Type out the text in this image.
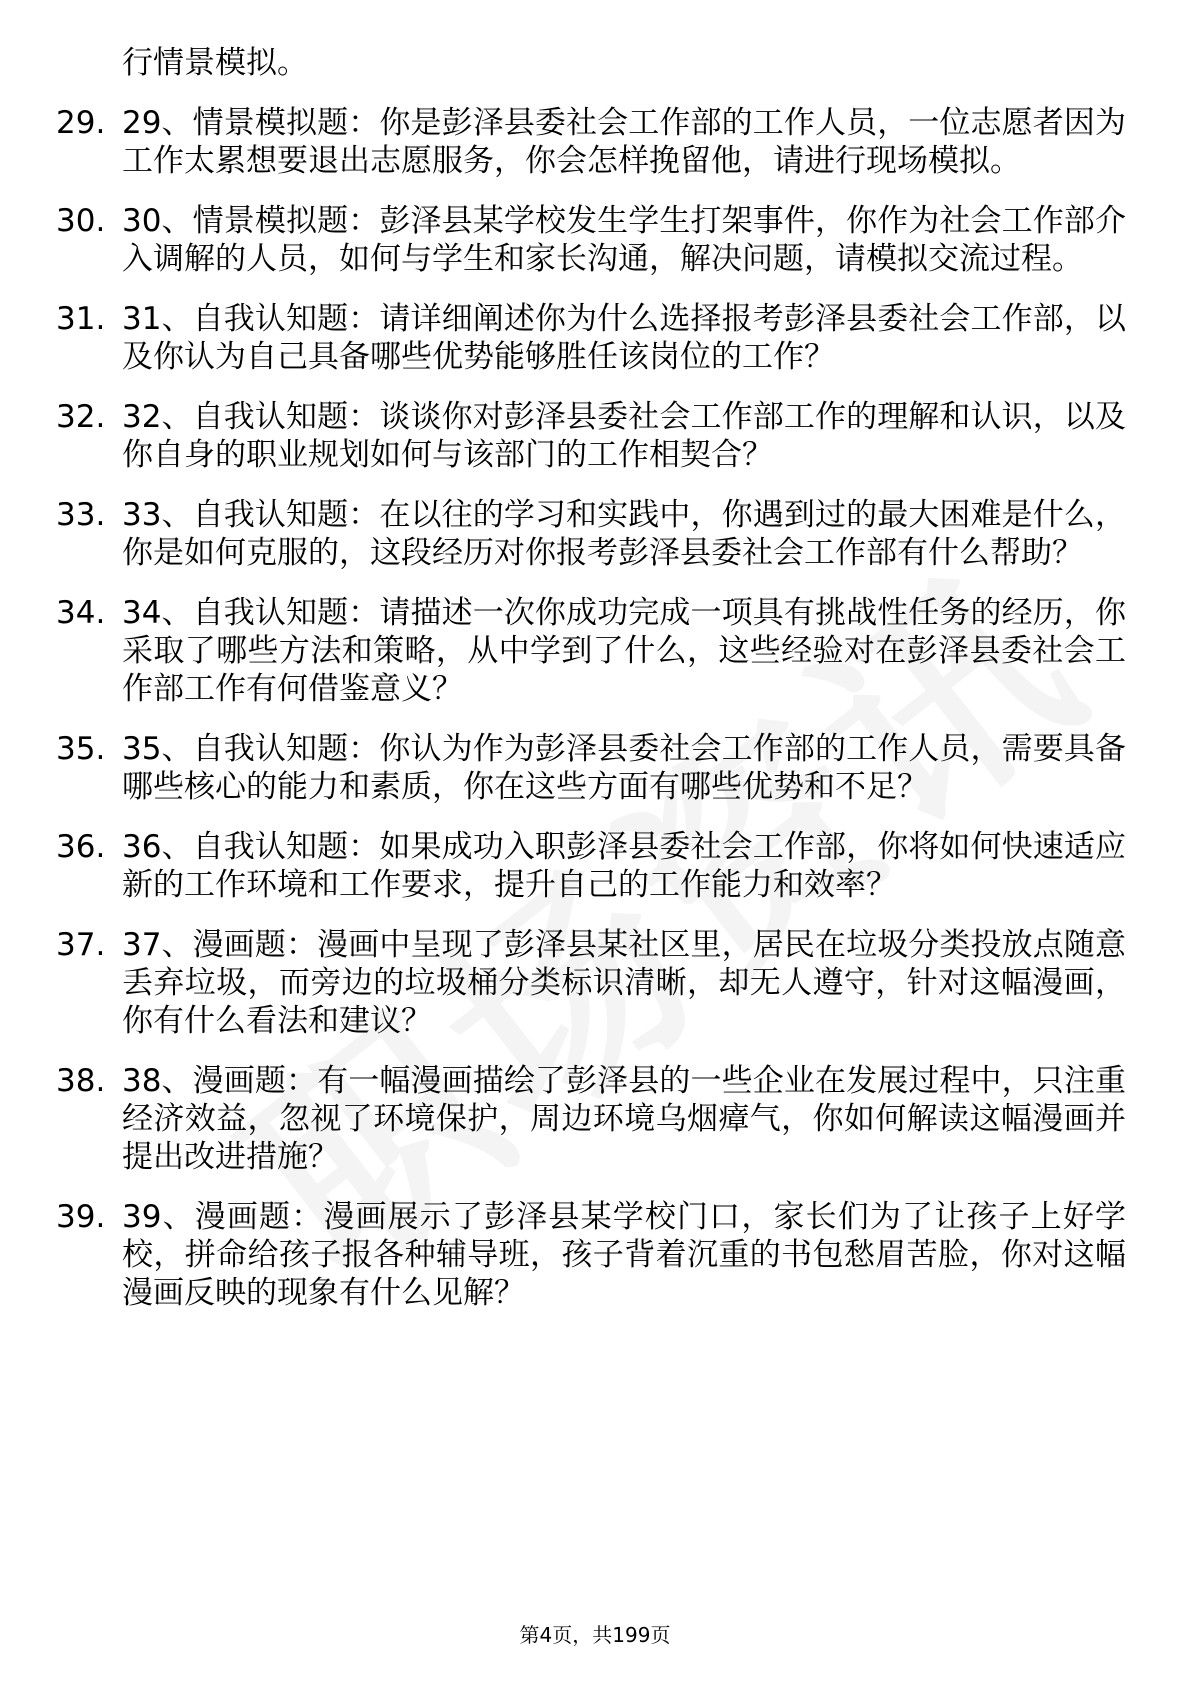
行情景模拟。
29. 29、情景模拟题：你是彭泽县委社会工作部的工作人员，一位志愿者因为工作太累想要退出志愿服务，你会怎样挽留他，请进行现场模拟。
30. 30、情景模拟题：彭泽县某学校发生学生打架事件，你作为社会工作部介入调解的人员，如何与学生和家长沟通，解决问题，请模拟交流过程。
31. 31、自我认知题：请详细阐述你为什么选择报考彭泽县委社会工作部，以及你认为自己具备哪些优势能够胜任该岗位的工作？
32. 32、自我认知题：谈谈你对彭泽县委社会工作部工作的理解和认识，以及你自身的职业规划如何与该部门的工作相契合？
33. 33、自我认知题：在以往的学习和实践中，你遇到过的最大困难是什么，你是如何克服的，这段经历对你报考彭泽县委社会工作部有什么帮助？
34. 34、自我认知题：请描述一次你成功完成一项具有挑战性任务的经历，你采取了哪些方法和策略，从中学到了什么，这些经验对在彭泽县委社会工作部工作有何借鉴意义？
35. 35、自我认知题：你认为作为彭泽县委社会工作部的工作人员，需要具备哪些核心的能力和素质，你在这些方面有哪些优势和不足？
36. 36、自我认知题：如果成功入职彭泽县委社会工作部，你将如何快速适应新的工作环境和工作要求，提升自己的工作能力和效率？
37. 37、漫画题：漫画中呈现了彭泽县某社区里，居民在垃圾分类投放点随意丢弃垃圾，而旁边的垃圾桶分类标识清晰，却无人遵守，针对这幅漫画，你有什么看法和建议？
38. 38、漫画题：有一幅漫画描绘了彭泽县的一些企业在发展过程中，只注重经济效益，忽视了环境保护，周边环境乌烟瘴气，你如何解读这幅漫画并提出改进措施？
39. 39、漫画题：漫画展示了彭泽县某学校门口，家长们为了让孩子上好学校，拼命给孩子报各种辅导班，孩子背着沉重的书包愁眉苦脸，你对这幅漫画反映的现象有什么见解？
第4页，共199页
